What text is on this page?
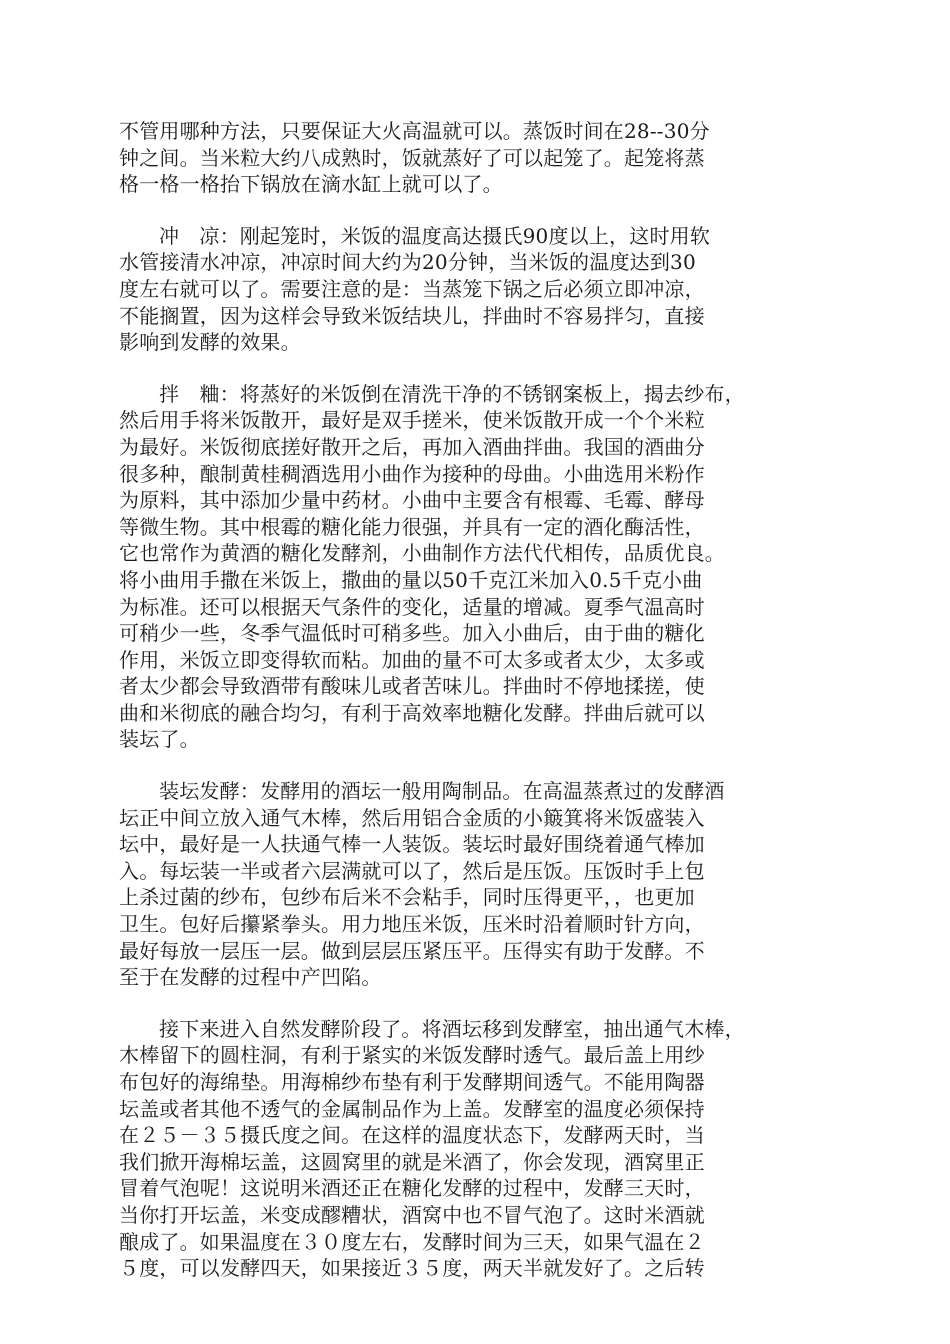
不管用哪种方法，只要保证大火高温就可以。蒸饭时间在28--30分
钟之间。当米粒大约八成熟时，饭就蒸好了可以起笼了。起笼将蒸
格一格一格抬下锅放在滴水缸上就可以了。
冲　凉：刚起笼时，米饭的温度高达摄氏90度以上，这时用软
水管接清水冲凉，冲凉时间大约为20分钟，当米饭的温度达到30
度左右就可以了。需要注意的是：当蒸笼下锅之后必须立即冲凉，
不能搁置，因为这样会导致米饭结块儿，拌曲时不容易拌匀，直接
影响到发酵的效果。
拌　粬：将蒸好的米饭倒在清洗干净的不锈钢案板上，揭去纱布，
然后用手将米饭散开，最好是双手搓米，使米饭散开成一个个米粒
为最好。米饭彻底搓好散开之后，再加入酒曲拌曲。我国的酒曲分
很多种，酿制黄桂稠酒选用小曲作为接种的母曲。小曲选用米粉作
为原料，其中添加少量中药材。小曲中主要含有根霉、毛霉、酵母
等微生物。其中根霉的糖化能力很强，并具有一定的酒化酶活性，
它也常作为黄酒的糖化发酵剂，小曲制作方法代代相传，品质优良。
将小曲用手撒在米饭上，撒曲的量以50千克江米加入0.5千克小曲
为标准。还可以根据天气条件的变化，适量的增减。夏季气温高时
可稍少一些，冬季气温低时可稍多些。加入小曲后，由于曲的糖化
作用，米饭立即变得软而粘。加曲的量不可太多或者太少，太多或
者太少都会导致酒带有酸味儿或者苦味儿。拌曲时不停地揉搓，使
曲和米彻底的融合均匀，有利于高效率地糖化发酵。拌曲后就可以
装坛了。
装坛发酵：发酵用的酒坛一般用陶制品。在高温蒸煮过的发酵酒
坛正中间立放入通气木棒，然后用铝合金质的小簸箕将米饭盛装入
坛中，最好是一人扶通气棒一人装饭。装坛时最好围绕着通气棒加
入。每坛装一半或者六层满就可以了，然后是压饭。压饭时手上包
上杀过菌的纱布，包纱布后米不会粘手，同时压得更平，，也更加
卫生。包好后攥紧拳头。用力地压米饭，压米时沿着顺时针方向，
最好每放一层压一层。做到层层压紧压平。压得实有助于发酵。不
至于在发酵的过程中产凹陷。
接下来进入自然发酵阶段了。将酒坛移到发酵室，抽出通气木棒，
木棒留下的圆柱洞，有利于紧实的米饭发酵时透气。最后盖上用纱
布包好的海绵垫。用海棉纱布垫有利于发酵期间透气。不能用陶器
坛盖或者其他不透气的金属制品作为上盖。发酵室的温度必须保持
在２５－３５摄氏度之间。在这样的温度状态下，发酵两天时，当
我们掀开海棉坛盖，这圆窝里的就是米酒了，你会发现，酒窝里正
冒着气泡呢！这说明米酒还正在糖化发酵的过程中，发酵三天时，
当你打开坛盖，米变成醪糟状，酒窝中也不冒气泡了。这时米酒就
酿成了。如果温度在３０度左右，发酵时间为三天，如果气温在２
５度，可以发酵四天，如果接近３５度，两天半就发好了。之后转
